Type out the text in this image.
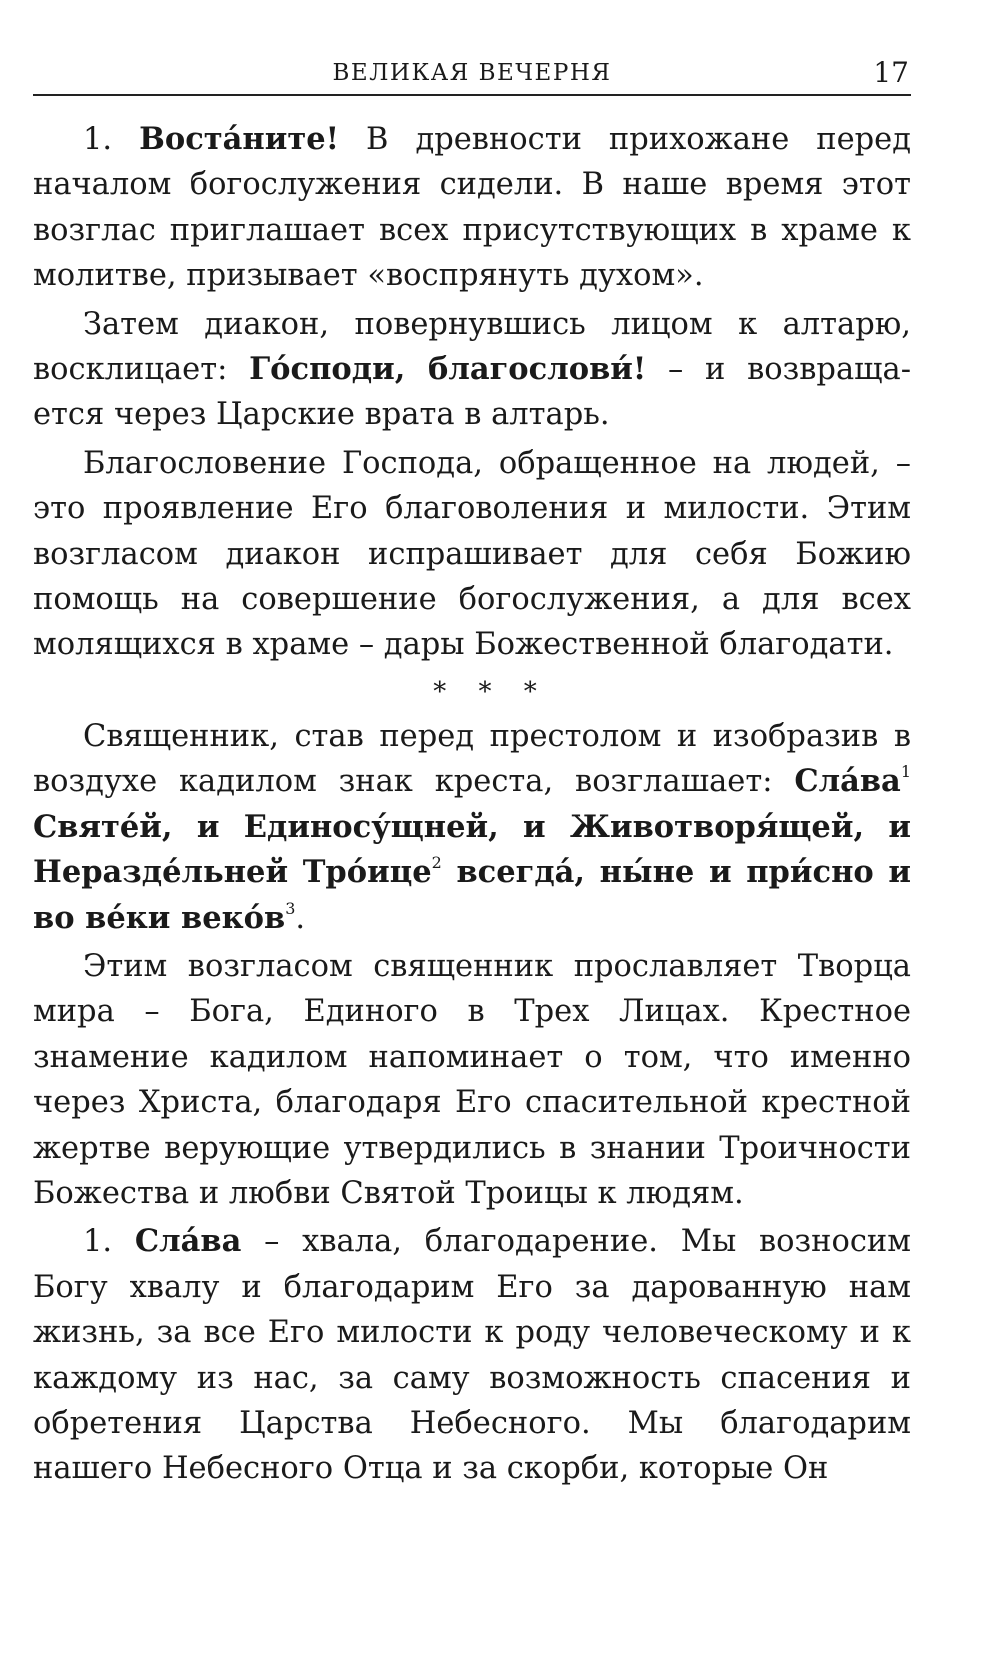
ВЕЛИКАЯ ВЕЧЕРНЯ	17

1. Воста́ните! В древности прихожане перед началом богослужения сидели. В наше время этот возглас приглашает всех присутствующих в храме к молитве, призывает «воспрянуть духом».

Затем диакон, повернувшись лицом к алтарю, восклицает: Го́споди, благослови́! – и возвращается через Царские врата в алтарь.

Благословение Господа, обращенное на людей, – это проявление Его благоволения и милости. Этим возгласом диакон испрашивает для себя Божию помощь на совершение богослужения, а для всех молящихся в храме – дары Божественной благодати.

* * *

Священник, став перед престолом и изобразив в воздухе кадилом знак креста, возглашает: $Сла́ва^1$ Святе́й, и Единосу́щней, и Животворя́щей, и Нераздéльней Тро́ице$^2$ всегда́, ны́не и при́сно и во ве́ки $веко́в^3$.

Этим возгласом священник прославляет Творца мира – Бога, Единого в Трех Лицах. Крестное знамение кадилом напоминает о том, что именно через Христа, благодаря Его спасительной крестной жертве верующие утвердились в знании Троичности Божества и любви Святой Троицы к людям.

1. Сла́ва – хвала, благодарение. Мы возносим Богу хвалу и благодарим Его за дарованную нам жизнь, за все Его милости к роду человеческому и к каждому из нас, за саму возможность спасения и обретения Царства Небесного. Мы благодарим нашего Небесного Отца и за скорби, которые Он
